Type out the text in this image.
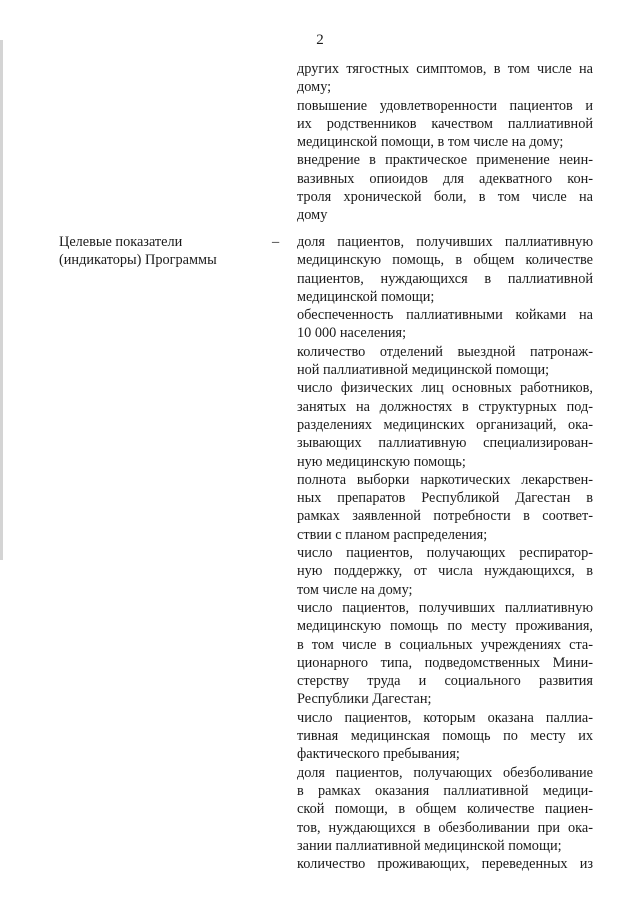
2
других тягостных симптомов, в том числе на
дому;
повышение удовлетворенности пациентов и
их родственников качеством паллиативной
медицинской помощи, в том числе на дому;
внедрение в практическое применение неин-
вазивных опиоидов для адекватного кон-
троля хронической боли, в том числе на
дому
Целевые показатели
(индикаторы) Программы
– доля пациентов, получивших паллиативную
медицинскую помощь, в общем количестве
пациентов, нуждающихся в паллиативной
медицинской помощи;
обеспеченность паллиативными койками на
10 000 населения;
количество отделений выездной патронаж-
ной паллиативной медицинской помощи;
число физических лиц основных работников,
занятых на должностях в структурных под-
разделениях медицинских организаций, ока-
зывающих паллиативную специализирован-
ную медицинскую помощь;
полнота выборки наркотических лекарствен-
ных препаратов Республикой Дагестан в
рамках заявленной потребности в соответ-
ствии с планом распределения;
число пациентов, получающих респиратор-
ную поддержку, от числа нуждающихся, в
том числе на дому;
число пациентов, получивших паллиативную
медицинскую помощь по месту проживания,
в том числе в социальных учреждениях ста-
ционарного типа, подведомственных Мини-
стерству труда и социального развития
Республики Дагестан;
число пациентов, которым оказана паллиа-
тивная медицинская помощь по месту их
фактического пребывания;
доля пациентов, получающих обезболивание
в рамках оказания паллиативной медици-
ской помощи, в общем количестве пациен-
тов, нуждающихся в обезболивании при ока-
зании паллиативной медицинской помощи;
количество проживающих, переведенных из
